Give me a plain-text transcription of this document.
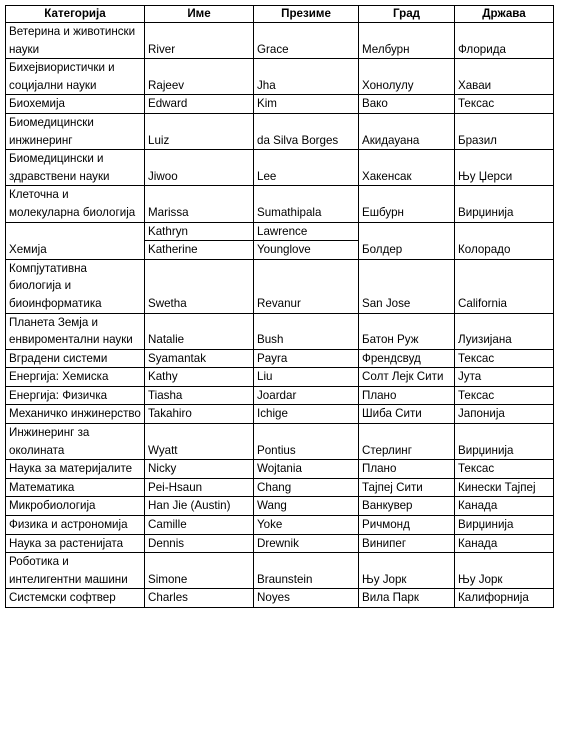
Категорија	Име	Презиме	Град	Држава
Ветерина и животински науки	River	Grace	Мелбурн	Флорида
Бихејвиористички и социјални науки	Rajeev	Jha	Хонолулу	Хаваи
Биохемија	Edward	Kim	Вако	Тексас
Биомедицински инжинеринг	Luiz	da Silva Borges	Акидауана	Бразил
Биомедицински и здравствени науки	Jiwoo	Lee	Хакенсак	Њу Џерси
Клеточна и молекуларна биологија	Marissa	Sumathipala	Ешбурн	Вирџинија
Хемија	Kathryn	Lawrence	Болдер	Колорадо
	Katherine	Younglove		
Компјутативна биологија и биоинформатика	Swetha	Revanur	San Jose	California
Планета Земја и енвироментални науки	Natalie	Bush	Батон Руж	Луизијана
Вградени системи	Syamantak	Payra	Френдсвуд	Тексас
Енергија: Хемиска	Kathy	Liu	Солт Лејк Сити	Јута
Енергија: Физичка	Tiasha	Joardar	Плано	Тексас
Механичко инжинерство	Takahiro	Ichige	Шиба Сити	Јапонија
Инжинеринг за околината	Wyatt	Pontius	Стерлинг	Вирџинија
Наука за материјалите	Nicky	Wojtania	Плано	Тексас
Математика	Pei-Hsaun	Chang	Тајпеј Сити	Кинески Тајпеј
Микробиологија	Han Jie (Austin)	Wang	Ванкувер	Канада
Физика и астрономија	Camille	Yoke	Ричмонд	Вирџинија
Наука за растенијата	Dennis	Drewnik	Винипег	Канада
Роботика и интелигентни машини	Simone	Braunstein	Њу Јорк	Њу Јорк
Системски софтвер	Charles	Noyes	Вила Парк	Калифорнија
